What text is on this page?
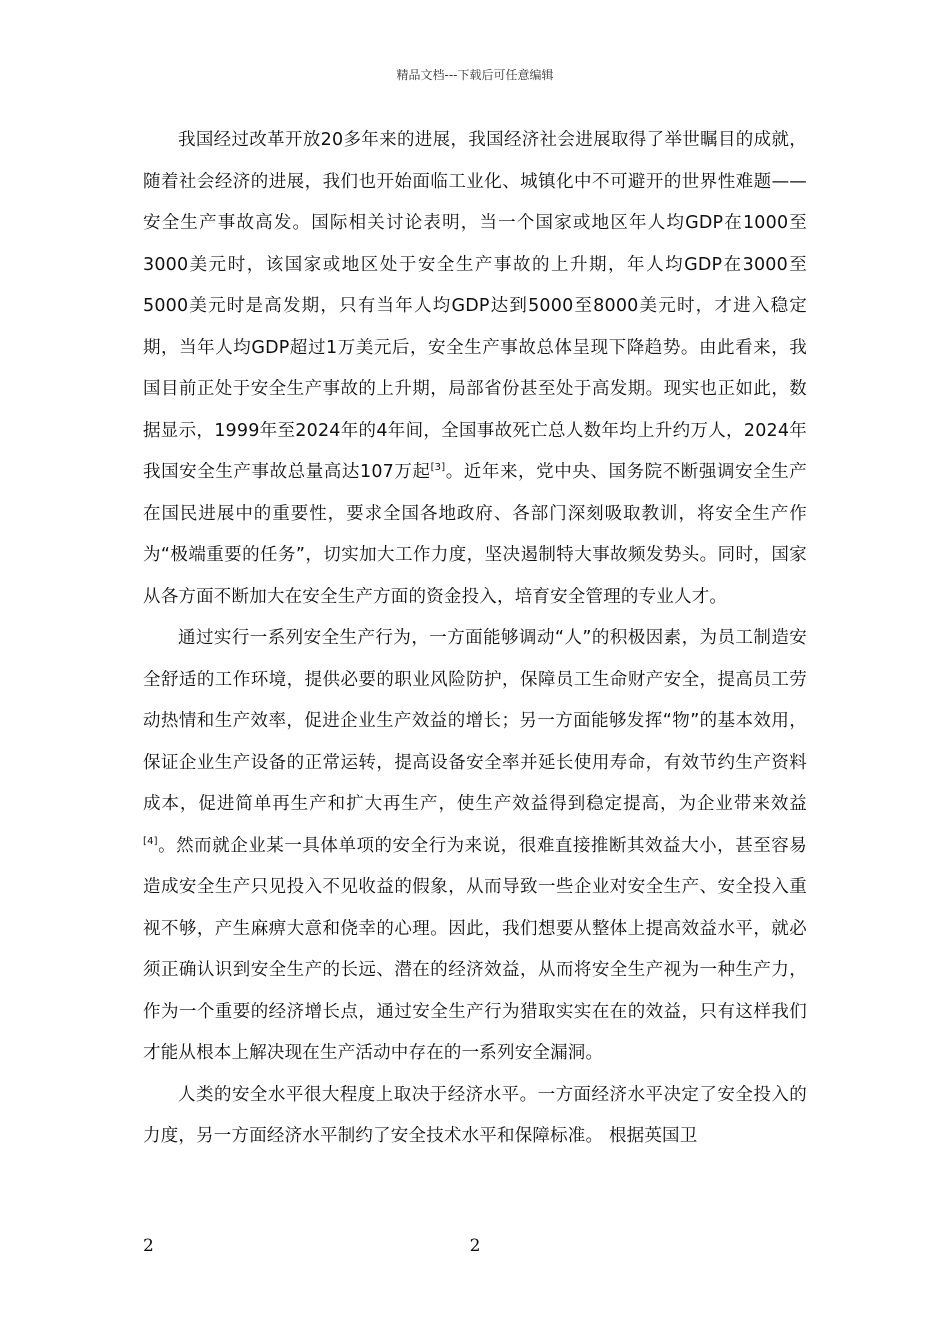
精品文档---下载后可任意编辑

我国经过改革开放20多年来的进展，我国经济社会进展取得了举世瞩目的成就，随着社会经济的进展，我们也开始面临工业化、城镇化中不可避开的世界性难题——安全生产事故高发。国际相关讨论表明，当一个国家或地区年人均GDP在1000至3000美元时，该国家或地区处于安全生产事故的上升期，年人均GDP在3000至5000美元时是高发期，只有当年人均GDP达到5000至8000美元时，才进入稳定期，当年人均GDP超过1万美元后，安全生产事故总体呈现下降趋势。由此看来，我国目前正处于安全生产事故的上升期，局部省份甚至处于高发期。现实也正如此，数据显示，1999年至2024年的4年间，全国事故死亡总人数年均上升约万人，2024年我国安全生产事故总量高达107万起[3]。近年来，党中央、国务院不断强调安全生产在国民进展中的重要性，要求全国各地政府、各部门深刻吸取教训，将安全生产作为“极端重要的任务”，切实加大工作力度，坚决遏制特大事故频发势头。同时，国家从各方面不断加大在安全生产方面的资金投入，培育安全管理的专业人才。

通过实行一系列安全生产行为，一方面能够调动“人”的积极因素，为员工制造安全舒适的工作环境，提供必要的职业风险防护，保障员工生命财产安全，提高员工劳动热情和生产效率，促进企业生产效益的增长；另一方面能够发挥“物”的基本效用，保证企业生产设备的正常运转，提高设备安全率并延长使用寿命，有效节约生产资料成本，促进简单再生产和扩大再生产，使生产效益得到稳定提高，为企业带来效益[4]。然而就企业某一具体单项的安全行为来说，很难直接推断其效益大小，甚至容易造成安全生产只见投入不见收益的假象，从而导致一些企业对安全生产、安全投入重视不够，产生麻痹大意和侥幸的心理。因此，我们想要从整体上提高效益水平，就必须正确认识到安全生产的长远、潜在的经济效益，从而将安全生产视为一种生产力，作为一个重要的经济增长点，通过安全生产行为猎取实实在在的效益，只有这样我们才能从根本上解决现在生产活动中存在的一系列安全漏洞。

人类的安全水平很大程度上取决于经济水平。一方面经济水平决定了安全投入的力度，另一方面经济水平制约了安全技术水平和保障标准。 根据英国卫

2	2
